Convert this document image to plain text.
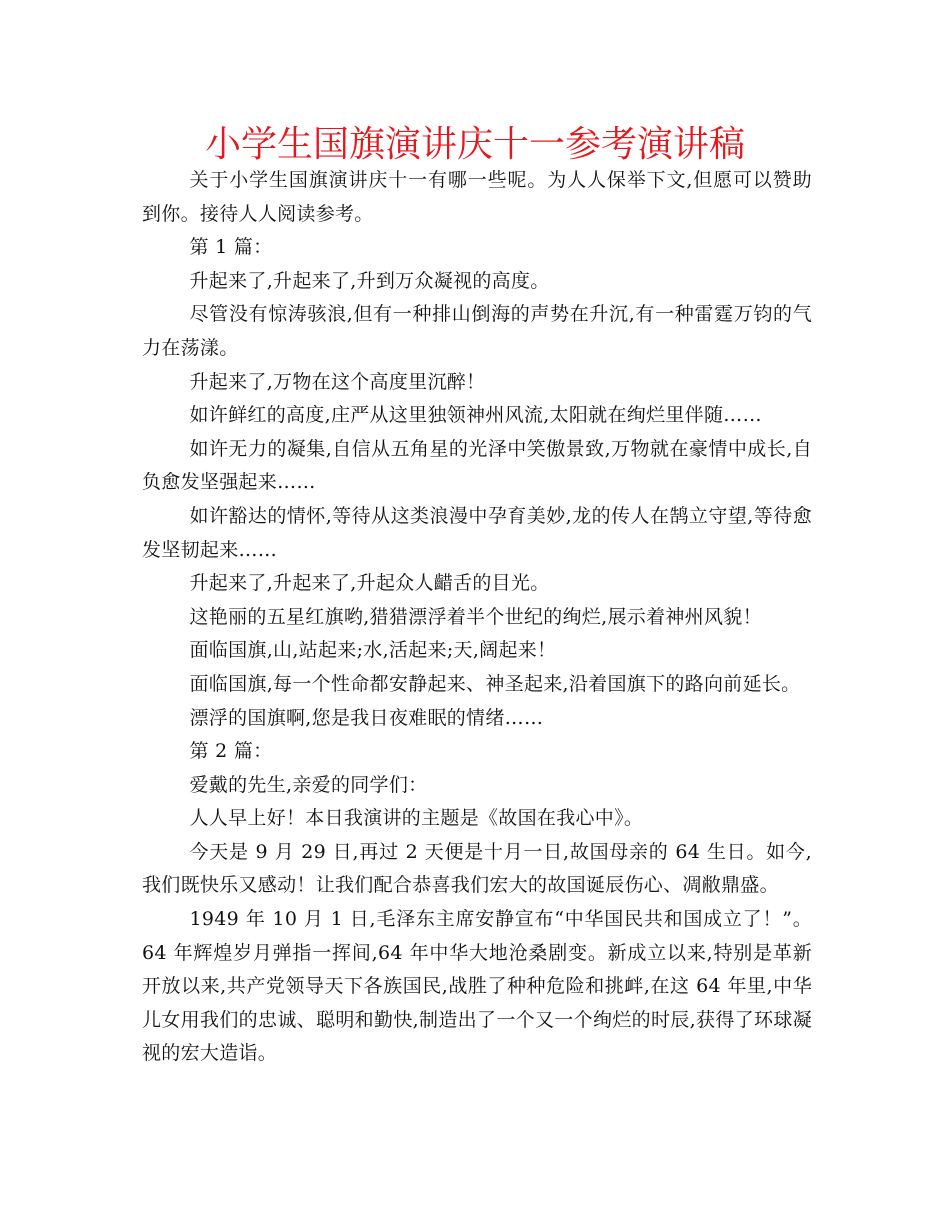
小学生国旗演讲庆十一参考演讲稿

关于小学生国旗演讲庆十一有哪一些呢。为人人保举下文,但愿可以赞助到你。接待人人阅读参考。

第 1 篇：

升起来了,升起来了,升到万众凝视的高度。

尽管没有惊涛骇浪,但有一种排山倒海的声势在升沉,有一种雷霆万钧的气力在荡漾。

升起来了,万物在这个高度里沉醉！

如许鲜红的高度,庄严从这里独领神州风流,太阳就在绚烂里伴随……

如许无力的凝集,自信从五角星的光泽中笑傲景致,万物就在豪情中成长,自负愈发坚强起来……

如许豁达的情怀,等待从这类浪漫中孕育美妙,龙的传人在鹄立守望,等待愈发坚韧起来……

升起来了,升起来了,升起众人齰舌的目光。

这艳丽的五星红旗哟,猎猎漂浮着半个世纪的绚烂,展示着神州风貌！

面临国旗,山,站起来;水,活起来;天,阔起来！

面临国旗,每一个性命都安静起来、神圣起来,沿着国旗下的路向前延长。

漂浮的国旗啊,您是我日夜难眠的情绪……

第 2 篇：

爱戴的先生,亲爱的同学们：

人人早上好！本日我演讲的主题是《故国在我心中》。

今天是 9 月 29 日,再过 2 天便是十月一日,故国母亲的 64 生日。如今,我们既快乐又感动！让我们配合恭喜我们宏大的故国诞辰伤心、凋敝鼎盛。

1949 年 10 月 1 日,毛泽东主席安静宣布“中华国民共和国成立了！”。64 年辉煌岁月弹指一挥间,64 年中华大地沧桑剧变。新成立以来,特别是革新开放以来,共产党领导天下各族国民,战胜了种种危险和挑衅,在这 64 年里,中华儿女用我们的忠诚、聪明和勤快,制造出了一个又一个绚烂的时辰,获得了环球凝视的宏大造诣。
